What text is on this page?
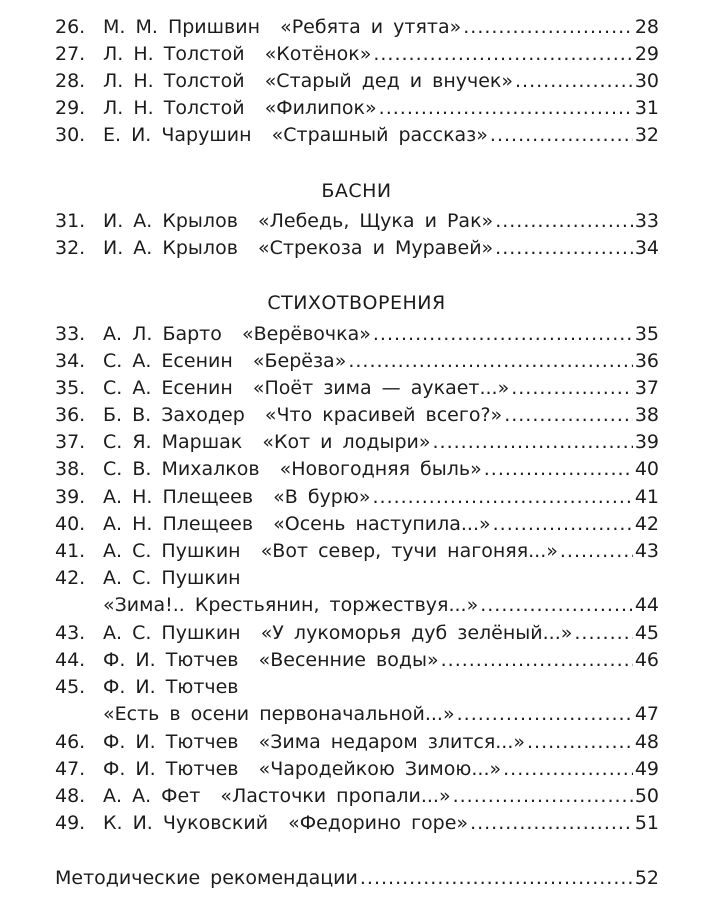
26. М. М. Пришвин «Ребята и утята» .....	28
27. Л. Н. Толстой «Котёнок» .....	29
28. Л. Н. Толстой «Старый дед и внучек» .....	30
29. Л. Н. Толстой «Филипок» .....	31
30. Е. И. Чарушин «Страшный рассказ» .....	32
БАСНИ
31. И. А. Крылов «Лебедь, Щука и Рак» .....	33
32. И. А. Крылов «Стрекоза и Муравей» .....	34
СТИХОТВОРЕНИЯ
33. А. Л. Барто «Верёвочка» .....	35
34. С. А. Есенин «Берёза» .....	36
35. С. А. Есенин «Поёт зима — аукает...» .....	37
36. Б. В. Заходер «Что красивей всего?» .....	38
37. С. Я. Маршак «Кот и лодыри» .....	39
38. С. В. Михалков «Новогодняя быль» .....	40
39. А. Н. Плещеев «В бурю» .....	41
40. А. Н. Плещеев «Осень наступила...» .....	42
41. А. С. Пушкин «Вот север, тучи нагоняя...» .....	43
42. А. С. Пушкин
«Зима!.. Крестьянин, торжествуя...» .....	44
43. А. С. Пушкин «У лукоморья дуб зелёный...» .....	45
44. Ф. И. Тютчев «Весенние воды» .....	46
45. Ф. И. Тютчев
«Есть в осени первоначальной...» .....	47
46. Ф. И. Тютчев «Зима недаром злится...» .....	48
47. Ф. И. Тютчев «Чародейкою Зимою...» .....	49
48. А. А. Фет «Ласточки пропали...» .....	50
49. К. И. Чуковский «Федорино горе» .....	51
Методические рекомендации .....	52
